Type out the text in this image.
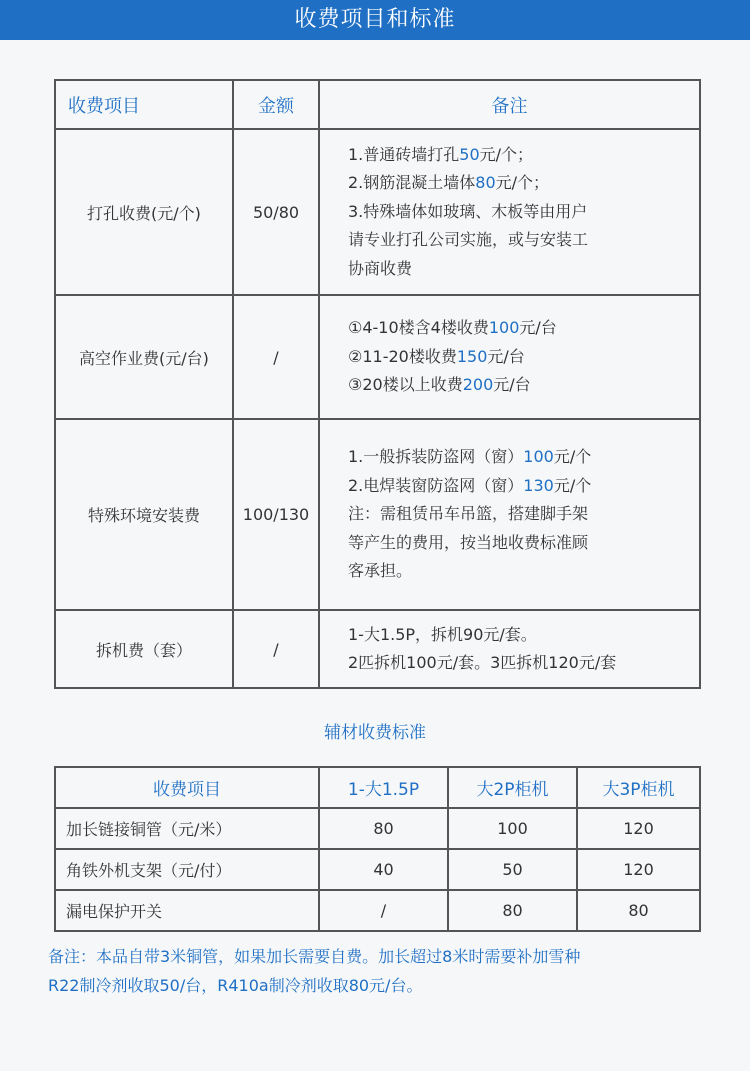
收费项目和标准
收费项目	金额	备注
打孔收费(元/个)	50/80	1.普通砖墙打孔50元/个；
2.钢筋混凝土墙体80元/个；
3.特殊墙体如玻璃、木板等由用户
请专业打孔公司实施，或与安装工
协商收费

高空作业费(元/台)	/	①4-10楼含4楼收费100元/台
②11-20楼收费150元/台
③20楼以上收费200元/台

特殊环境安装费	100/130	1.一般拆装防盗网（窗）100元/个
2.电焊装窗防盗网（窗）130元/个
注：需租赁吊车吊篮，搭建脚手架
等产生的费用，按当地收费标准顾
客承担。

拆机费（套）	/	1-大1.5P，拆机90元/套。
2匹拆机100元/套。3匹拆机120元/套
辅材收费标准
收费项目	1-大1.5P	大2P柜机	大3P柜机
加长链接铜管（元/米）	80	100	120
角铁外机支架（元/付）	40	50	120
漏电保护开关	/	80	80
备注：本品自带3米铜管，如果加长需要自费。加长超过8米时需要补加雪种
R22制冷剂收取50/台，R410a制冷剂收取80元/台。
